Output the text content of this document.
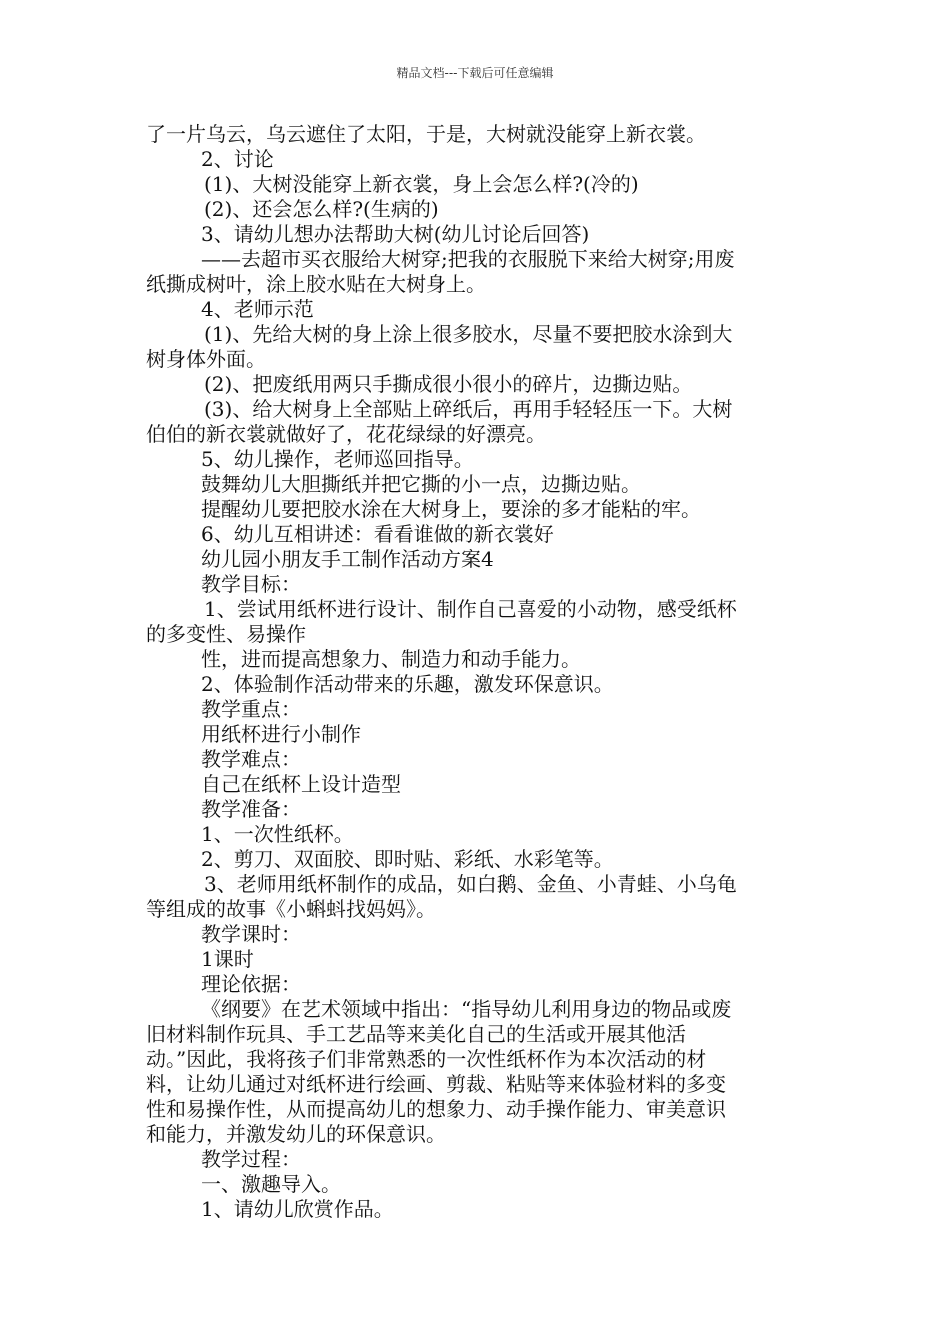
精品文档---下载后可任意编辑
了一片乌云，乌云遮住了太阳，于是，大树就没能穿上新衣裳。
2、讨论
(1)、大树没能穿上新衣裳，身上会怎么样?(冷的)
(2)、还会怎么样?(生病的)
3、请幼儿想办法帮助大树(幼儿讨论后回答)
——去超市买衣服给大树穿;把我的衣服脱下来给大树穿;用废
纸撕成树叶，涂上胶水贴在大树身上。
4、老师示范
(1)、先给大树的身上涂上很多胶水，尽量不要把胶水涂到大
树身体外面。
(2)、把废纸用两只手撕成很小很小的碎片，边撕边贴。
(3)、给大树身上全部贴上碎纸后，再用手轻轻压一下。大树
伯伯的新衣裳就做好了，花花绿绿的好漂亮。
5、幼儿操作，老师巡回指导。
鼓舞幼儿大胆撕纸并把它撕的小一点，边撕边贴。
提醒幼儿要把胶水涂在大树身上，要涂的多才能粘的牢。
6、幼儿互相讲述：看看谁做的新衣裳好
幼儿园小朋友手工制作活动方案4
教学目标：
1、尝试用纸杯进行设计、制作自己喜爱的小动物，感受纸杯
的多变性、易操作
性，进而提高想象力、制造力和动手能力。
2、体验制作活动带来的乐趣，激发环保意识。
教学重点：
用纸杯进行小制作
教学难点：
自己在纸杯上设计造型
教学准备：
1、一次性纸杯。
2、剪刀、双面胶、即时贴、彩纸、水彩笔等。
3、老师用纸杯制作的成品，如白鹅、金鱼、小青蛙、小乌龟
等组成的故事《小蝌蚪找妈妈》。
教学课时：
1课时
理论依据：
《纲要》在艺术领域中指出：“指导幼儿利用身边的物品或废
旧材料制作玩具、手工艺品等来美化自己的生活或开展其他活
动。”因此，我将孩子们非常熟悉的一次性纸杯作为本次活动的材
料，让幼儿通过对纸杯进行绘画、剪裁、粘贴等来体验材料的多变
性和易操作性，从而提高幼儿的想象力、动手操作能力、审美意识
和能力，并激发幼儿的环保意识。
教学过程：
一、激趣导入。
1、请幼儿欣赏作品。
